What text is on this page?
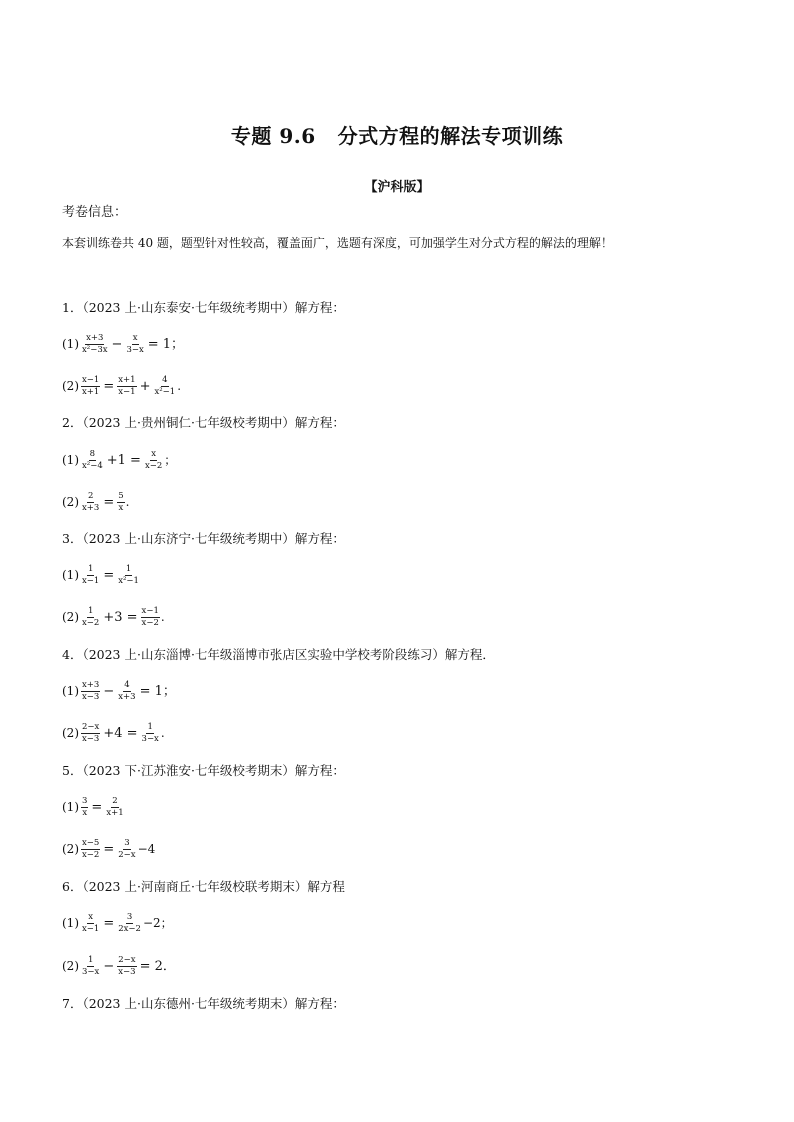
专题 9.6 分式方程的解法专项训练
【沪科版】
考卷信息：
本套训练卷共 40 题，题型针对性较高，覆盖面广，选题有深度，可加强学生对分式方程的解法的理解！
1．（2023 上·山东泰安·七年级统考期中）解方程：
$(1) \frac{x+3}{\text{x²−3x}} - \frac{x}{3-x} = 1$；
$(2) \frac{x-1}{x+1} = \frac{x+1}{x-1} + \frac{4}{\text{x²−1}}$ .
2．（2023 上·贵州铜仁·七年级校考期中）解方程：
$(1) \frac{8}{\text{x²−4}} +1 = \frac{x}{x-2}$ ；
$(2) \frac{2}{x+3} = \frac{5}{x}$ .
3．（2023 上·山东济宁·七年级统考期中）解方程：
$(1) \frac{1}{x-1} = \frac{1}{\text{x²−1}}$
$(2) \frac{1}{x-2} +3 = \frac{x-1}{x-2}$ .
4．（2023 上·山东淄博·七年级淄博市张店区实验中学校考阶段练习）解方程．
$(1) \frac{x+3}{x-3} - \frac{4}{x+3} = 1$；
$(2) \frac{2-x}{x-3} +4 = \frac{1}{3-x}$ .
5．（2023 下·江苏淮安·七年级校考期末）解方程：
$(1) \frac{3}{x} = \frac{2}{x+1}$
$(2) \frac{x-5}{x-2} = \frac{3}{2-x} -4$
6．（2023 上·河南商丘·七年级校联考期末）解方程
$(1) \frac{x}{x-1} = \frac{3}{2x-2} -2$；
$(2) \frac{1}{3-x} - \frac{2-x}{x-3} = 2$．
7．（2023 上·山东德州·七年级统考期末）解方程：
